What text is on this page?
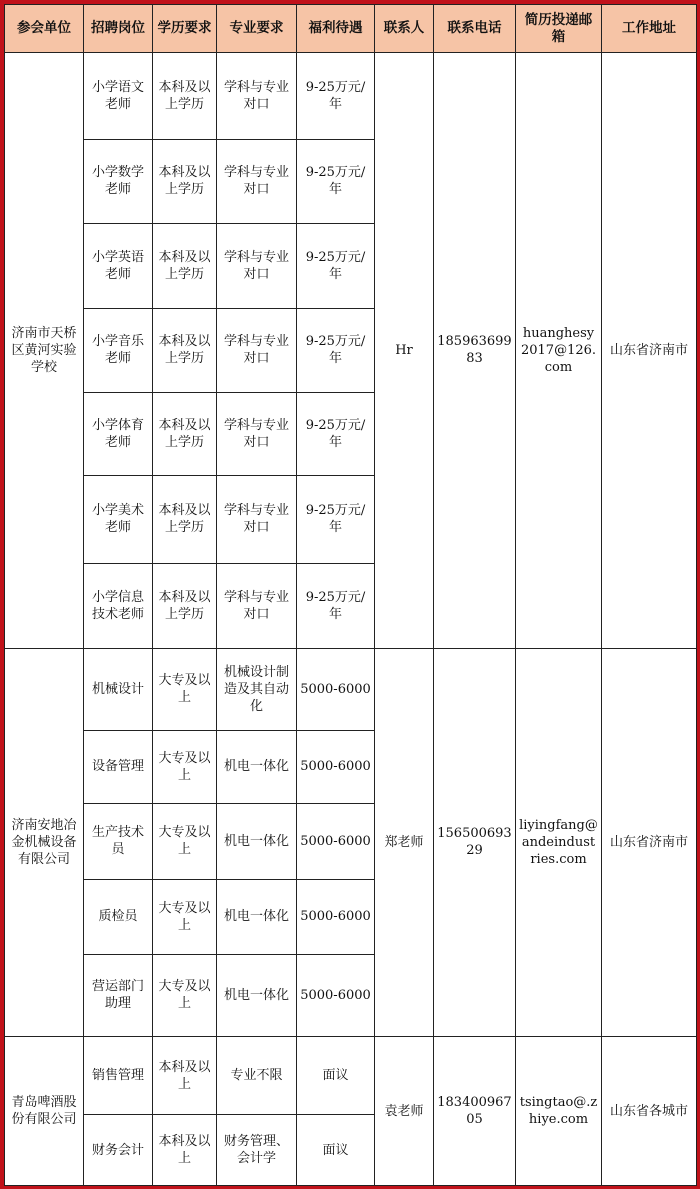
参会单位	招聘岗位	学历要求	专业要求	福利待遇	联系人	联系电话	简历投递邮箱	工作地址
济南市天桥区黄河实验学校	小学语文老师	本科及以上学历	学科与专业对口	9-25万元/年	Hr	18596369983	huanghesy2017@126.com	山东省济南市
	小学数学老师	本科及以上学历	学科与专业对口	9-25万元/年				
	小学英语老师	本科及以上学历	学科与专业对口	9-25万元/年				
	小学音乐老师	本科及以上学历	学科与专业对口	9-25万元/年				
	小学体育老师	本科及以上学历	学科与专业对口	9-25万元/年				
	小学美术老师	本科及以上学历	学科与专业对口	9-25万元/年				
	小学信息技术老师	本科及以上学历	学科与专业对口	9-25万元/年				
济南安地冶金机械设备有限公司	机械设计	大专及以上	机械设计制造及其自动化	5000-6000	郑老师	15650069329	liyingfang@andeindustries.com	山东省济南市
	设备管理	大专及以上	机电一体化	5000-6000				
	生产技术员	大专及以上	机电一体化	5000-6000				
	质检员	大专及以上	机电一体化	5000-6000				
	营运部门助理	大专及以上	机电一体化	5000-6000				
青岛啤酒股份有限公司	销售管理	本科及以上	专业不限	面议	袁老师	18340096705	tsingtao@.zhiye.com	山东省各城市
	财务会计	本科及以上	财务管理、会计学	面议				
